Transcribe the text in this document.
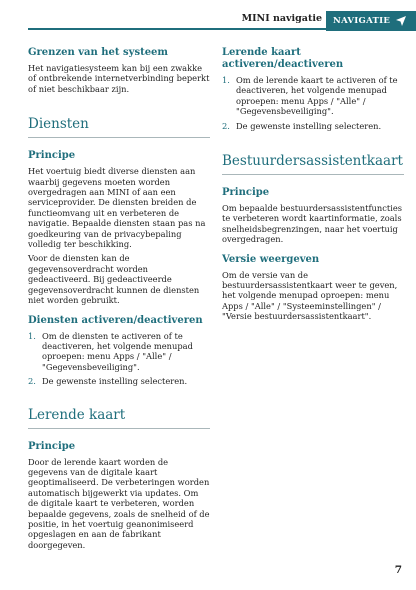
MINI navigatie NAVIGATIE
Grenzen van het systeem

Het navigatiesysteem kan bij een zwakke of ontbrekende internetverbinding beperkt of niet beschikbaar zijn.

Diensten
Principe

Het voertuig biedt diverse diensten aan waarbij gegevens moeten worden overgedragen aan MINI of aan een serviceprovider. De diensten breiden de functieomvang uit en verbeteren de navigatie. Bepaalde diensten staan pas na goedkeuring van de privacybepaling volledig ter beschikking.

Voor de diensten kan de gegevensoverdracht worden gedeactiveerd. Bij gedeactiveerde gegevensoverdracht kunnen de diensten niet worden gebruikt.

Diensten activeren/deactiveren
1. Om de diensten te activeren of te deactiveren, het volgende menupad oproepen: menu Apps / "Alle" / "Gegevensbeveiliging".
2. De gewenste instelling selecteren.
Lerende kaart
Principe

Door de lerende kaart worden de gegevens van de digitale kaart geoptimaliseerd. De verbeteringen worden automatisch bijgewerkt via updates. Om de digitale kaart te verbeteren, worden bepaalde gegevens, zoals de snelheid of de positie, in het voertuig geanonimiseerd opgeslagen en aan de fabrikant doorgegeven.

Lerende kaart activeren/deactiveren
1. Om de lerende kaart te activeren of te deactiveren, het volgende menupad oproepen: menu Apps / "Alle" / "Gegevensbeveiliging".
2. De gewenste instelling selecteren.
Bestuurdersassistentkaart
Principe

Om bepaalde bestuurdersassistentfuncties te verbeteren wordt kaartinformatie, zoals snelheidsbegrenzingen, naar het voertuig overgedragen.

Versie weergeven

Om de versie van de bestuurdersassistentkaart weer te geven, het volgende menupad oproepen: menu Apps / "Alle" / "Systeeminstellingen" / "Versie bestuurdersassistentkaart".

7
